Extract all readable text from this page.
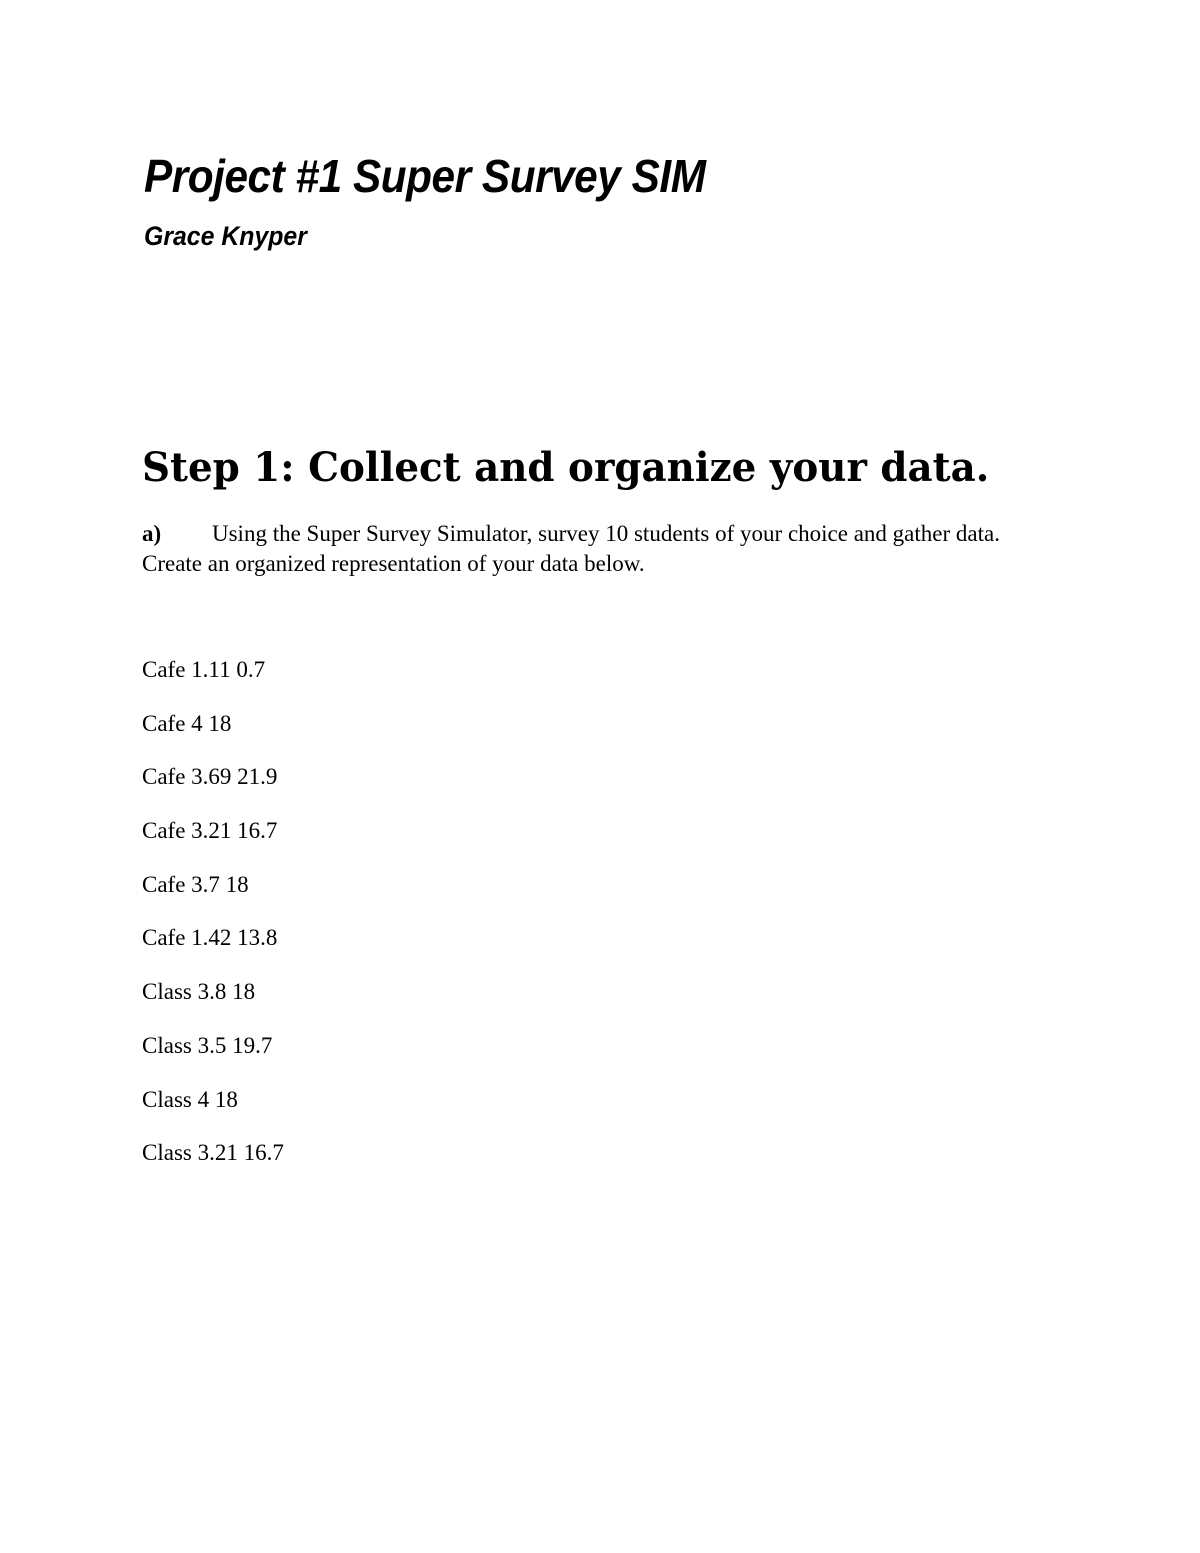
Project #1 Super Survey SIM

Grace Knyper

Step 1: Collect and organize your data.

a) Using the Super Survey Simulator, survey 10 students of your choice and gather data. Create an organized representation of your data below.

Cafe 1.11 0.7
Cafe 4 18
Cafe 3.69 21.9
Cafe 3.21 16.7
Cafe 3.7 18
Cafe 1.42 13.8
Class 3.8 18
Class 3.5 19.7
Class 4 18
Class 3.21 16.7
